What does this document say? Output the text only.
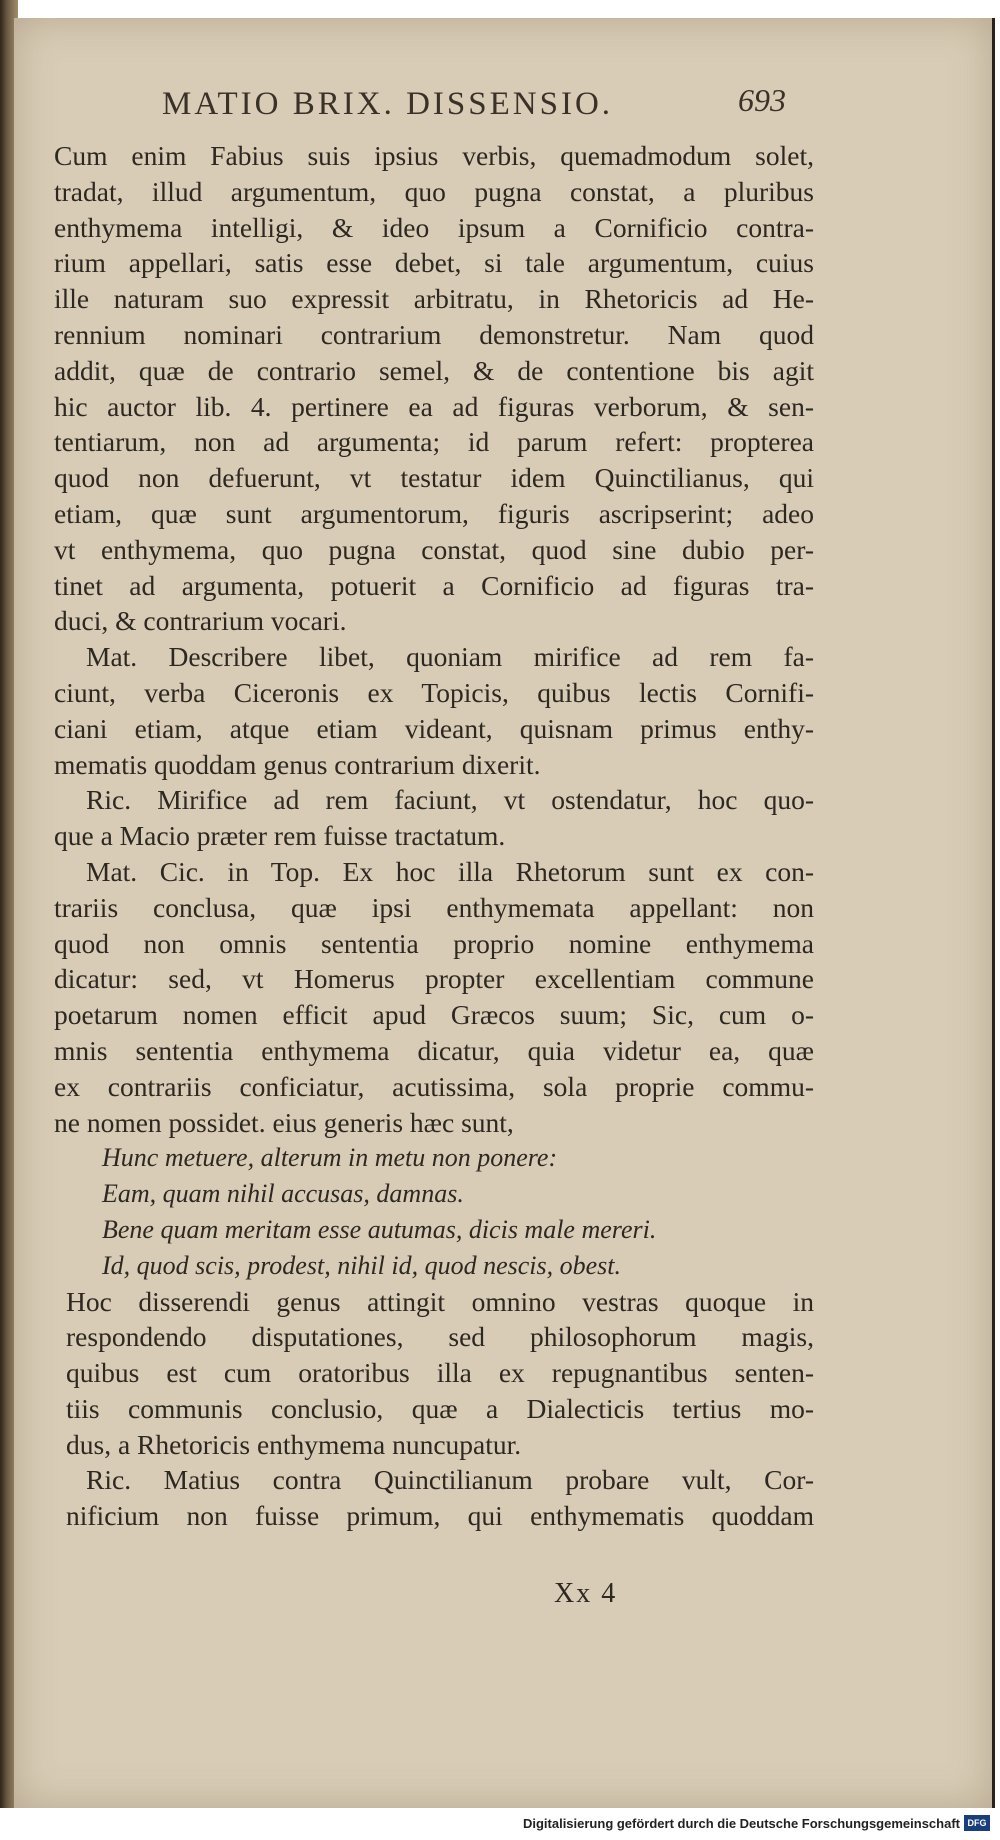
MATIO BRIX. DISSENSIO.	693
Cum enim Fabius suis ipsius verbis, quemadmodum solet,
tradat, illud argumentum, quo pugna constat, a pluribus
enthymema intelligi, & ideo ipsum a Cornificio contra-
rium appellari, satis esse debet, si tale argumentum, cuius
ille naturam suo expressit arbitratu, in Rhetoricis ad He-
rennium nominari contrarium demonstretur. Nam quod
addit, quæ de contrario semel, & de contentione bis agit
hic auctor lib. 4. pertinere ea ad figuras verborum, & sen-
tentiarum, non ad argumenta; id parum refert: propterea
quod non defuerunt, vt testatur idem Quinctilianus, qui
etiam, quæ sunt argumentorum, figuris ascripserint; adeo
vt enthymema, quo pugna constat, quod sine dubio per-
tinet ad argumenta, potuerit a Cornificio ad figuras tra-
duci, & contrarium vocari.
Mat. Describere libet, quoniam mirifice ad rem fa-
ciunt, verba Ciceronis ex Topicis, quibus lectis Cornifi-
ciani etiam, atque etiam videant, quisnam primus enthy-
mematis quoddam genus contrarium dixerit.
Ric. Mirifice ad rem faciunt, vt ostendatur, hoc quo-
que a Macio præter rem fuisse tractatum.
Mat. Cic. in Top. Ex hoc illa Rhetorum sunt ex con-
trariis conclusa, quæ ipsi enthymemata appellant: non
quod non omnis sententia proprio nomine enthymema
dicatur: sed, vt Homerus propter excellentiam commune
poetarum nomen efficit apud Græcos suum; Sic, cum o-
mnis sententia enthymema dicatur, quia videtur ea, quæ
ex contrariis conficiatur, acutissima, sola proprie commu-
ne nomen possidet. eius generis hæc sunt,
Hunc metuere, alterum in metu non ponere:
Eam, quam nihil accusas, damnas.
Bene quam meritam esse autumas, dicis male mereri.
Id, quod scis, prodest, nihil id, quod nescis, obest.
Hoc disserendi genus attingit omnino vestras quoque in
respondendo disputationes, sed philosophorum magis,
quibus est cum oratoribus illa ex repugnantibus senten-
tiis communis conclusio, quæ a Dialecticis tertius mo-
dus, a Rhetoricis enthymema nuncupatur.
Ric. Matius contra Quinctilianum probare vult, Cor-
nificium non fuisse primum, qui enthymematis quoddam
Xx 4
Digitalisierung gefördert durch die Deutsche Forschungsgemeinschaft DFG
